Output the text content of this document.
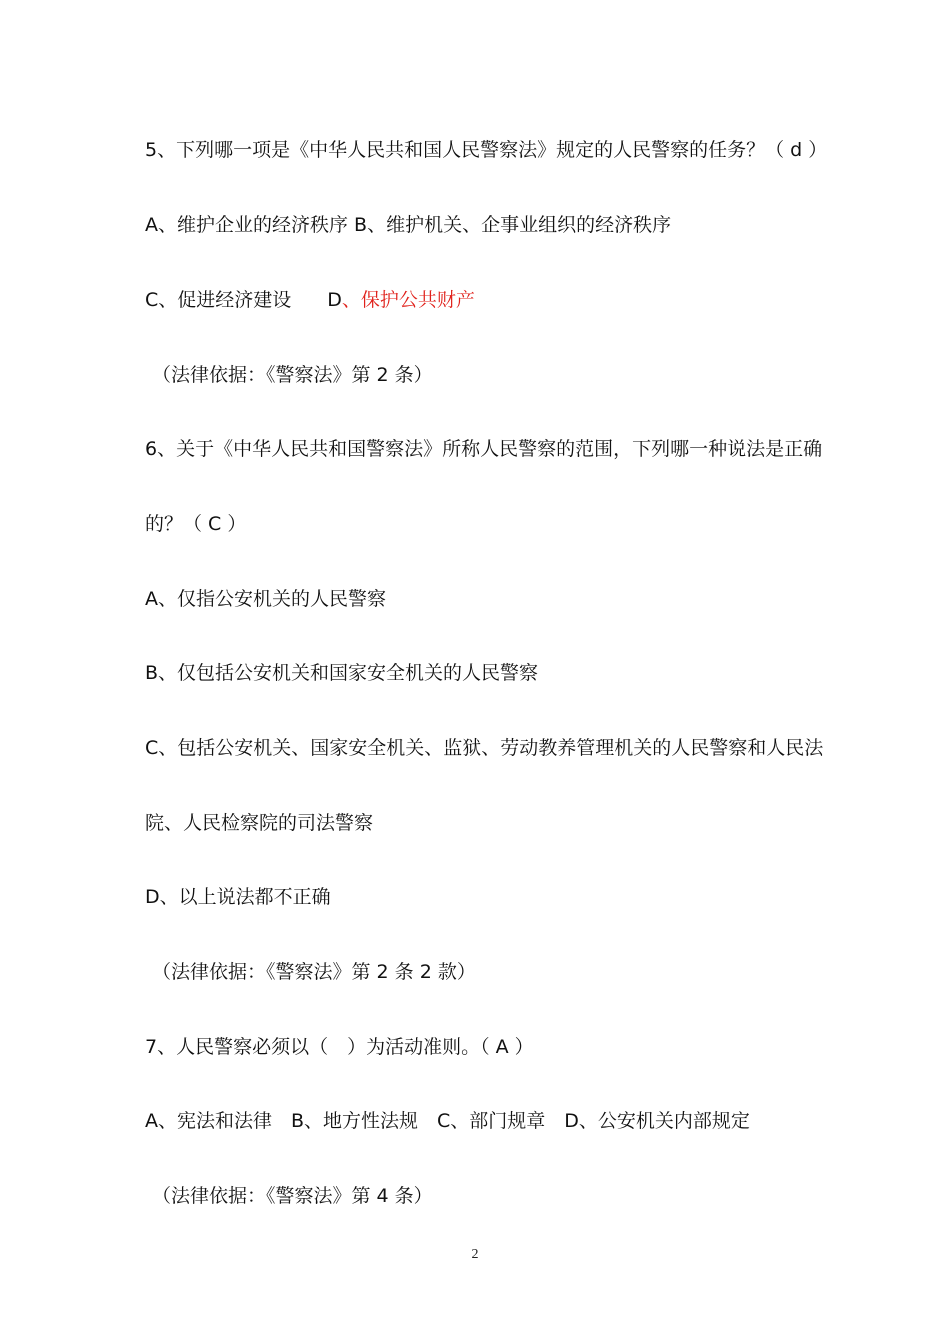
5、下列哪一项是《中华人民共和国人民警察法》规定的人民警察的任务？（ d ）
A、维护企业的经济秩序 B、维护机关、企事业组织的经济秩序
C、促进经济建设 D、保护公共财产
（法律依据：《警察法》第 2 条）
6、关于《中华人民共和国警察法》所称人民警察的范围，下列哪一种说法是正确
的？（ C ）
A、仅指公安机关的人民警察
B、仅包括公安机关和国家安全机关的人民警察
C、包括公安机关、国家安全机关、监狱、劳动教养管理机关的人民警察和人民法
院、人民检察院的司法警察
D、以上说法都不正确
（法律依据：《警察法》第 2 条 2 款）
7、人民警察必须以（　）为活动准则。（ A ）
A、宪法和法律　B、地方性法规　C、部门规章　D、公安机关内部规定
（法律依据：《警察法》第 4 条）
2
